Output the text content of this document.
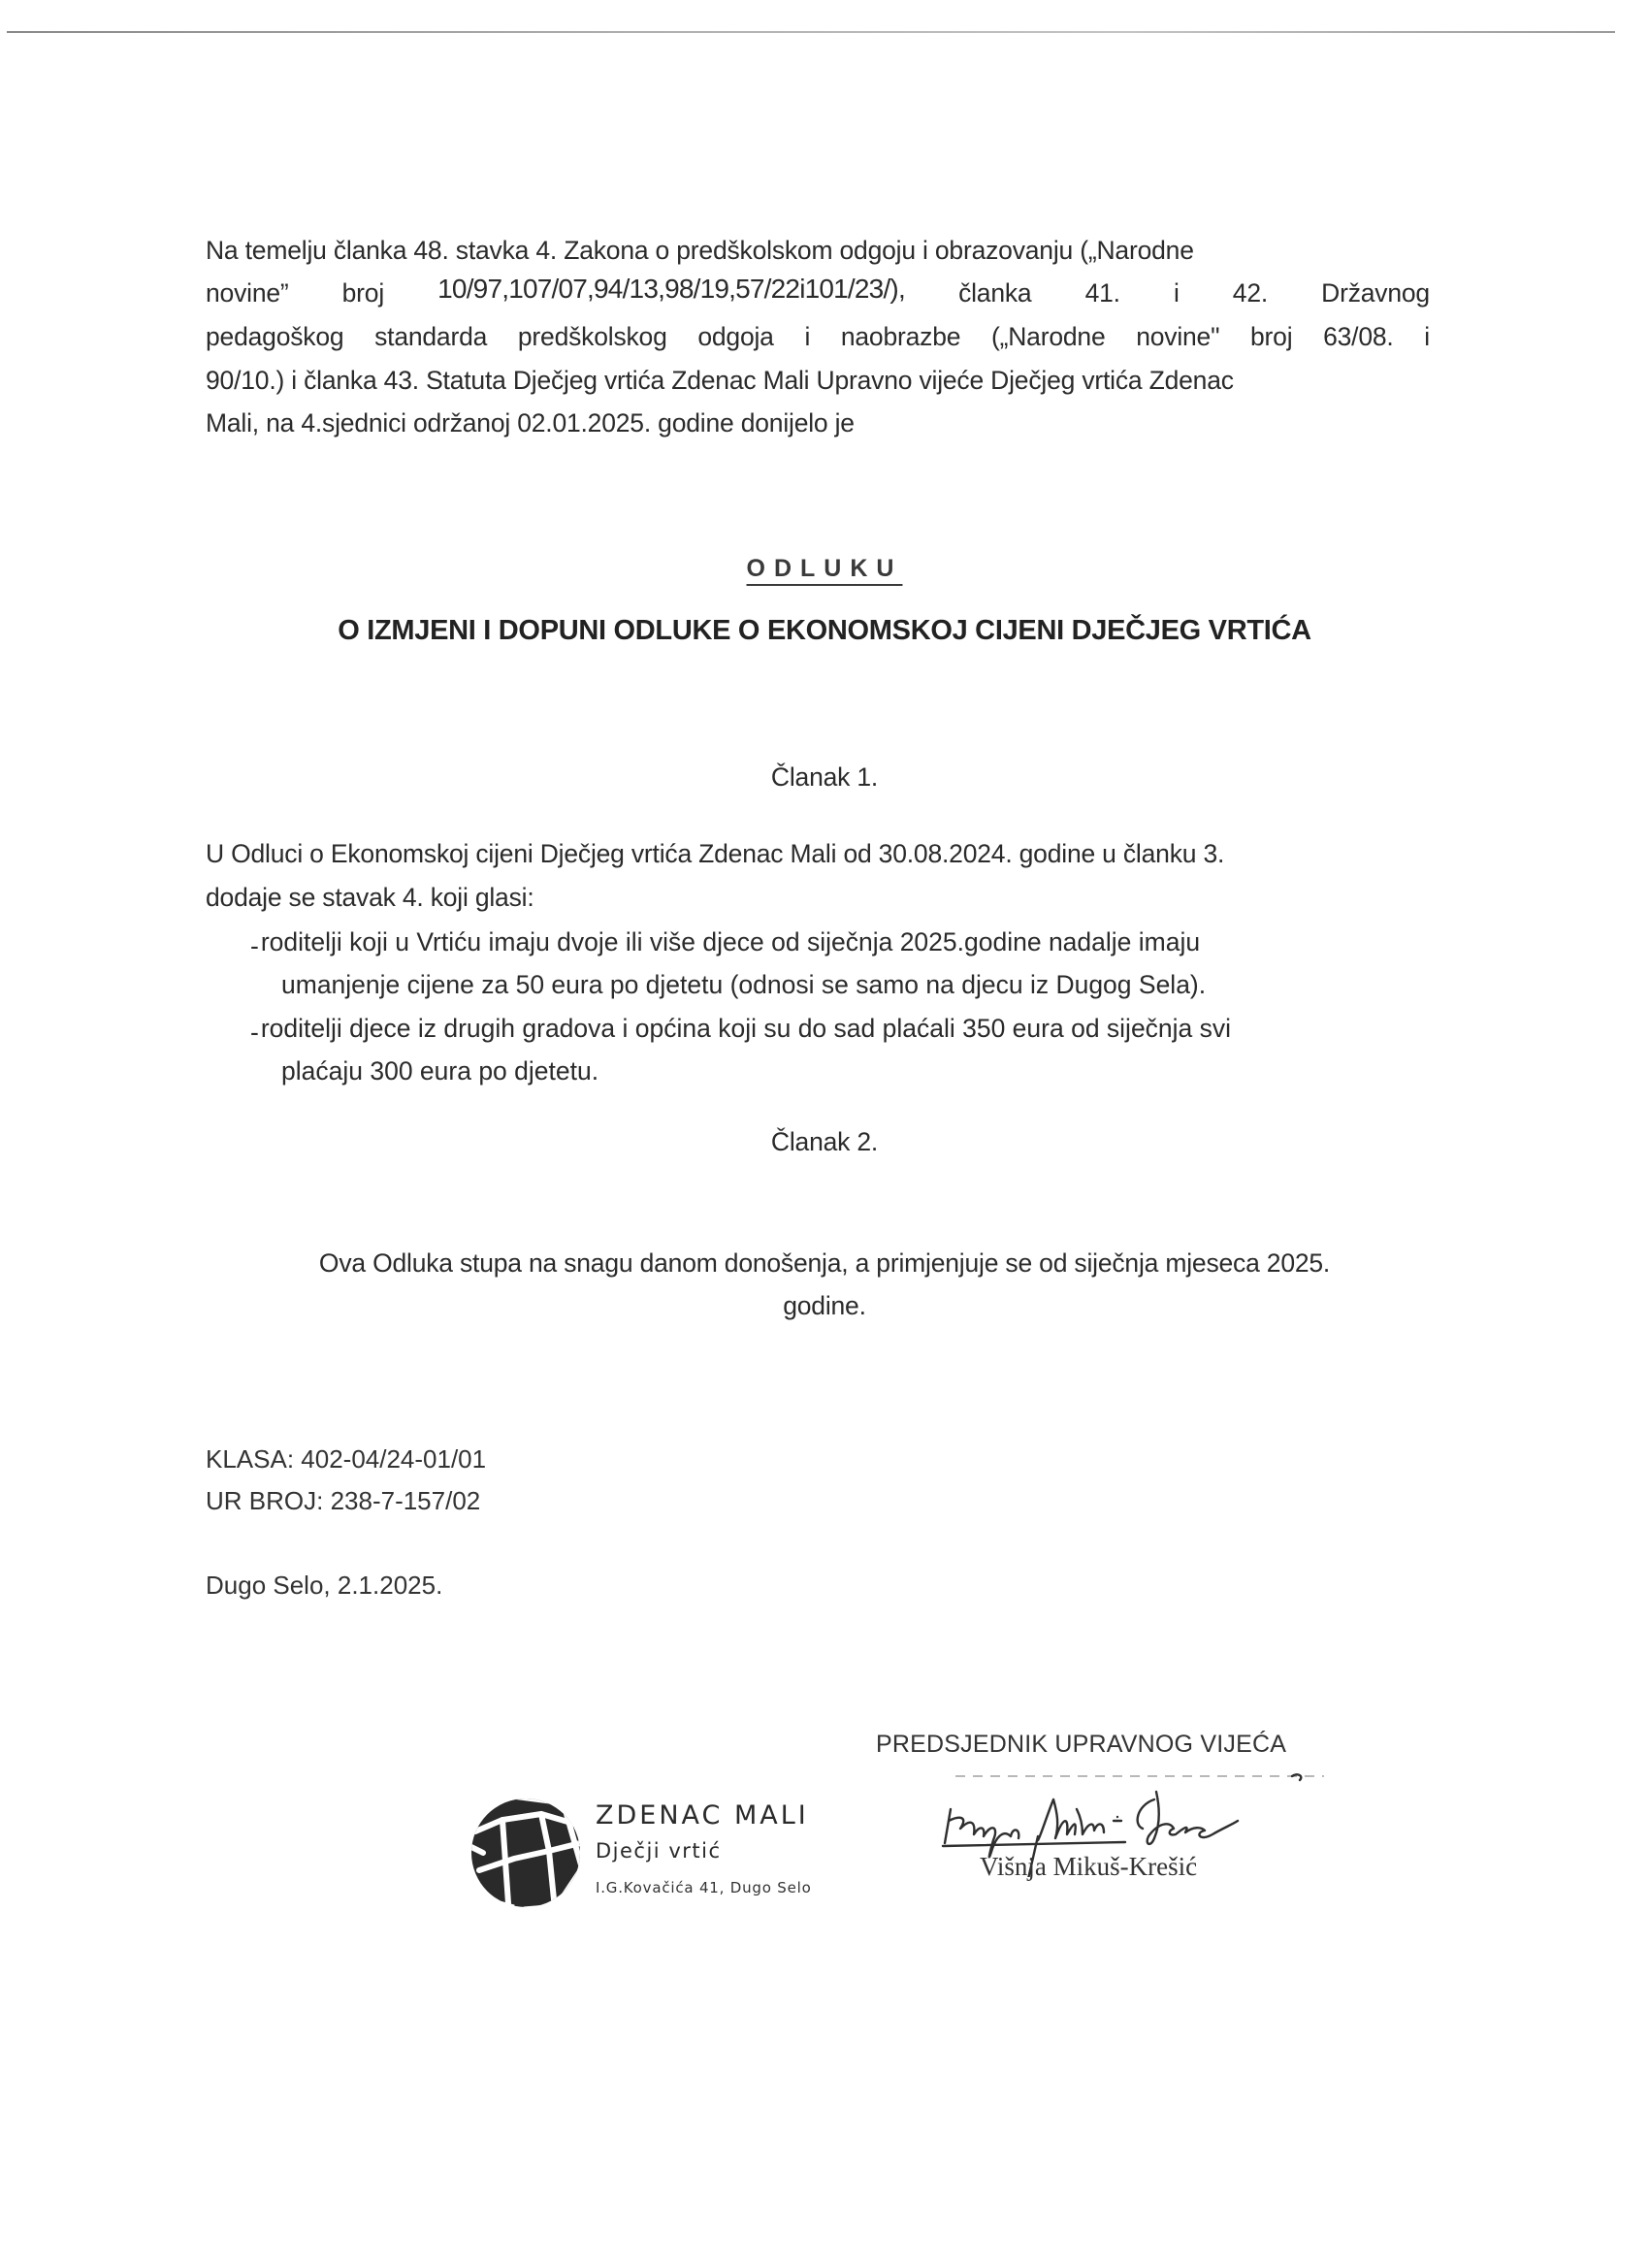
Na temelju članka 48. stavka 4. Zakona o predškolskom odgoju i obrazovanju („Narodne
novine” broj 10/97,107/07,94/13,98/19,57/22i101/23/), članka 41. i 42. Državnog
pedagoškog standarda predškolskog odgoja i naobrazbe („Narodne novine" broj 63/08. i
90/10.) i članka 43. Statuta Dječjeg vrtića Zdenac Mali Upravno vijeće Dječjeg vrtića Zdenac
Mali, na 4.sjednici održanoj 02.01.2025. godine donijelo je
ODLUKU
O IZMJENI I DOPUNI ODLUKE O EKONOMSKOJ CIJENI DJEČJEG VRTIĆA
Članak 1.
U Odluci o Ekonomskoj cijeni Dječjeg vrtića Zdenac Mali od 30.08.2024. godine u članku 3.
dodaje se stavak 4. koji glasi:
-roditelji koji u Vrtiću imaju dvoje ili više djece od siječnja 2025.godine nadalje imaju
umanjenje cijene za 50 eura po djetetu (odnosi se samo na djecu iz Dugog Sela).
-roditelji djece iz drugih gradova i općina koji su do sad plaćali 350 eura od siječnja svi
plaćaju 300 eura po djetetu.
Članak 2.
Ova Odluka stupa na snagu danom donošenja, a primjenjuje se od siječnja mjeseca 2025.
godine.
KLASA: 402-04/24-01/01
UR BROJ: 238-7-157/02
Dugo Selo, 2.1.2025.
ZDENAC MALI
Dječji vrtić
I.G.Kovačića 41, Dugo Selo
PREDSJEDNIK UPRAVNOG VIJEĆA
Višnja Mikuš-Krešić
